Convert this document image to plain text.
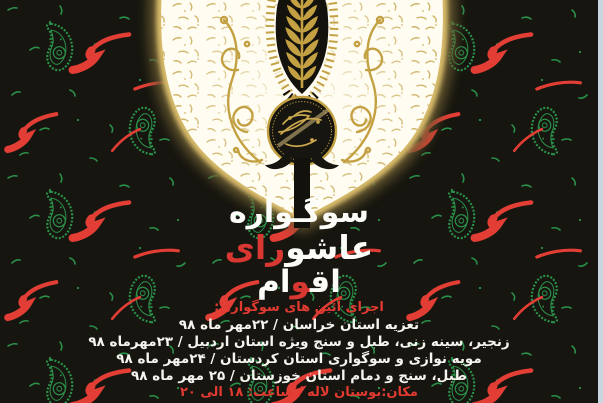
سوگـواره
عاشورای
اقوام
اجرای آئین های سوگواری:
تعزیه استان خراسان / ۲۲مهر ماه ۹۸
زنجیر، سینه زنی، طبل و سنج ویژه استان اردبیل / ۲۳مهرماه ۹۸
مویه نوازی و سوگواری استان کردستان / ۲۴مهر ماه ۹۸
طبل، سنج و دمام استان خوزستان / ۲۵ مهر ماه ۹۸
مکان:بوستان لاله / ساعت: ۱۸ الی ۲۰
